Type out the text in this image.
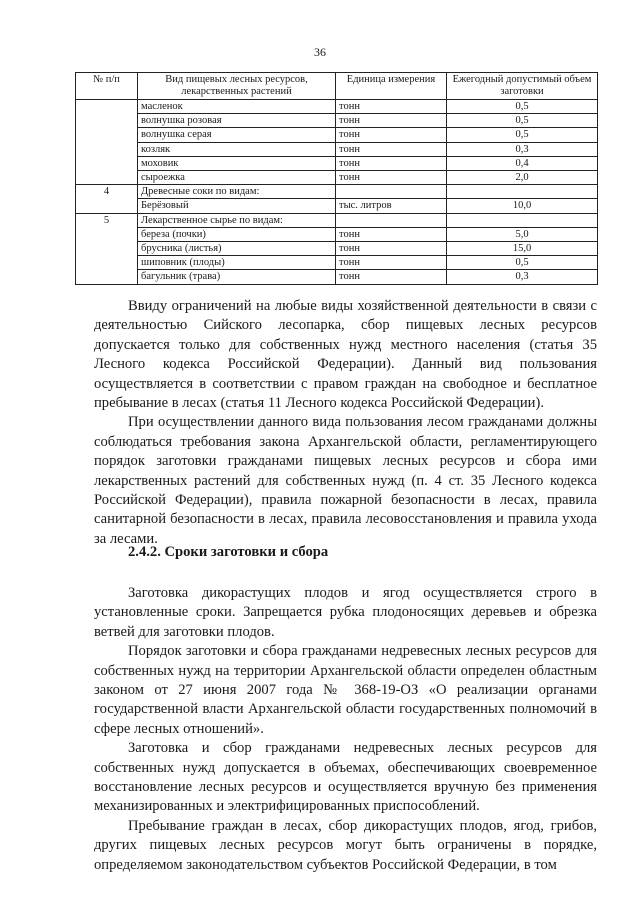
36
№ п/п	Вид пищевых лесных ресурсов, лекарственных растений	Единица измерения	Ежегодный допустимый объем заготовки
	масленок	тонн	0,5
	волнушка розовая	тонн	0,5
	волнушка серая	тонн	0,5
	козляк	тонн	0,3
	моховик	тонн	0,4
	сыроежка	тонн	2,0
4	Древесные соки по видам:		
	Берёзовый	тыс. литров	10,0
5	Лекарственное сырье по видам:		
	береза (почки)	тонн	5,0
	брусника (листья)	тонн	15,0
	шиповник (плоды)	тонн	0,5
	багульник (трава)	тонн	0,3

Ввиду ограничений на любые виды хозяйственной деятельности в связи с деятельностью Сийского лесопарка, сбор пищевых лесных ресурсов допускается только для собственных нужд местного населения (статья 35 Лесного кодекса Российской Федерации). Данный вид пользования осуществляется в соответствии с правом граждан на свободное и бесплатное пребывание в лесах (статья 11 Лесного кодекса Российской Федерации).

При осуществлении данного вида пользования лесом гражданами должны соблюдаться требования закона Архангельской области, регламентирующего порядок заготовки гражданами пищевых лесных ресурсов и сбора ими лекарственных растений для собственных нужд (п. 4 ст. 35 Лесного кодекса Российской Федерации), правила пожарной безопасности в лесах, правила санитарной безопасности в лесах, правила лесовосстановления и правила ухода за лесами.

2.4.2. Сроки заготовки и сбора

Заготовка дикорастущих плодов и ягод осуществляется строго в установленные сроки. Запрещается рубка плодоносящих деревьев и обрезка ветвей для заготовки плодов.

Порядок заготовки и сбора гражданами недревесных лесных ресурсов для собственных нужд на территории Архангельской области определен областным законом от 27 июня 2007 года № 368-19-ОЗ «О реализации органами государственной власти Архангельской области государственных полномочий в сфере лесных отношений».

Заготовка и сбор гражданами недревесных лесных ресурсов для собственных нужд допускается в объемах, обеспечивающих своевременное восстановление лесных ресурсов и осуществляется вручную без применения механизированных и электрифицированных приспособлений.

Пребывание граждан в лесах, сбор дикорастущих плодов, ягод, грибов, других пищевых лесных ресурсов могут быть ограничены в порядке, определяемом законодательством субъектов Российской Федерации, в том
